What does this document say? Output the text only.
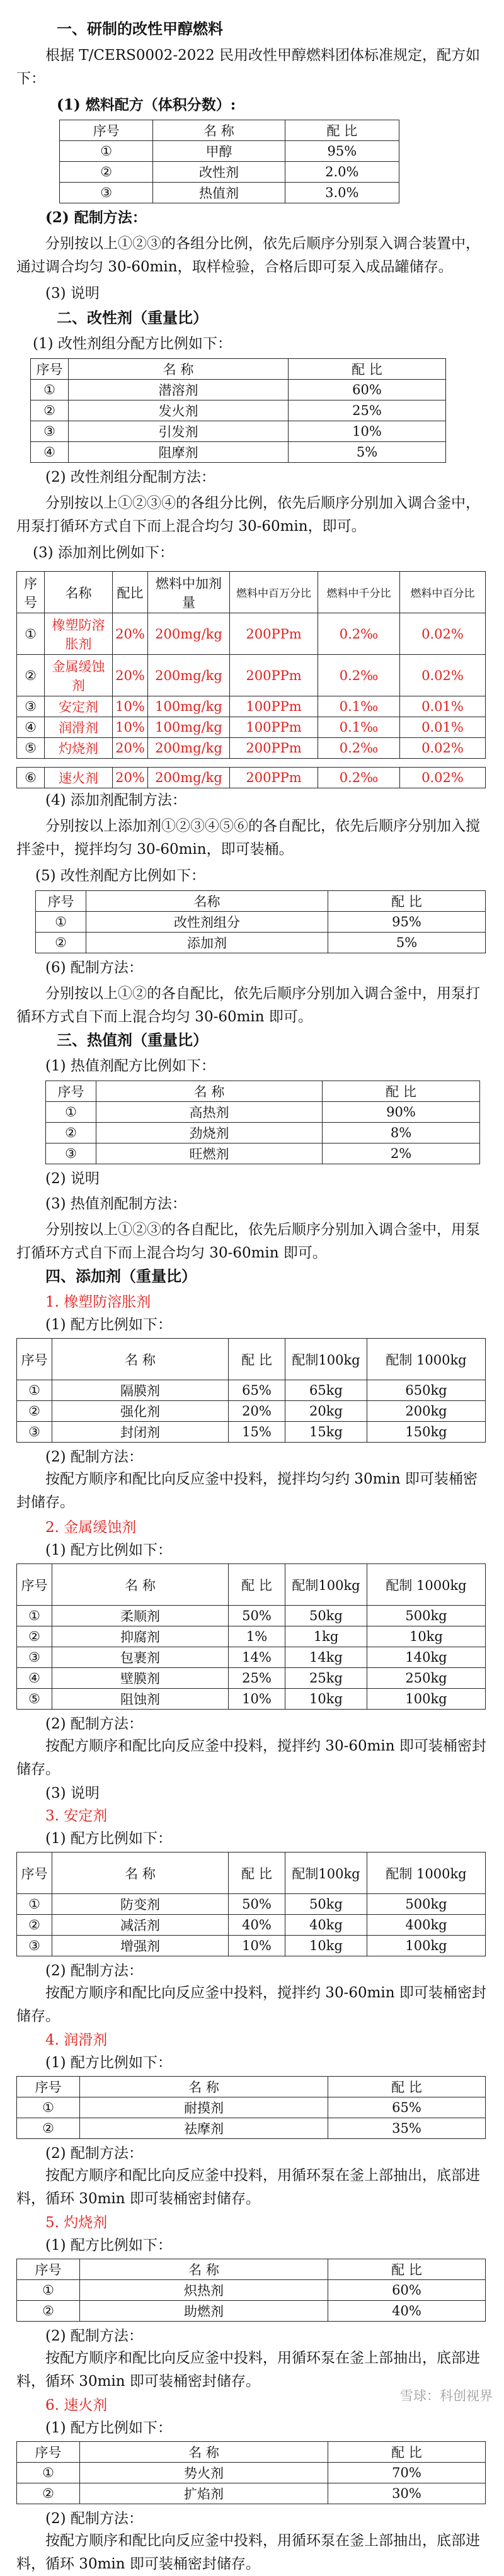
一、研制的改性甲醇燃料
根据 T/CERS0002-2022 民用改性甲醇燃料团体标准规定，配方如下：
(1) 燃料配方（体积分数）:
序号	名 称	配 比
①	甲醇	95%
②	改性剂	2.0%
③	热值剂	3.0%
(2) 配制方法：
分别按以上①②③的各组分比例，依先后顺序分别泵入调合装置中，通过调合均匀 30-60min，取样检验，合格后即可泵入成品罐储存。
(3) 说明
二、改性剂（重量比）
(1) 改性剂组分配方比例如下：
序号	名 称	配 比
①	潜溶剂	60%
②	发火剂	25%
③	引发剂	10%
④	阻摩剂	5%
(2) 改性剂组分配制方法：
分别按以上①②③④的各组分比例，依先后顺序分别加入调合釜中，用泵打循环方式自下而上混合均匀 30-60min，即可。
(3) 添加剂比例如下：
序号	名称	配比	燃料中加剂量	燃料中百万分比	燃料中千分比	燃料中百分比
①	橡塑防溶胀剂	20%	200mg/kg	200PPm	0.2‰	0.02%
②	金属缓蚀剂	20%	200mg/kg	200PPm	0.2‰	0.02%
③	安定剂	10%	100mg/kg	100PPm	0.1‰	0.01%
④	润滑剂	10%	100mg/kg	100PPm	0.1‰	0.01%
⑤	灼烧剂	20%	200mg/kg	200PPm	0.2‰	0.02%

⑥	速火剂	20%	200mg/kg	200PPm	0.2‰	0.02%
(4) 添加剂配制方法：
分别按以上添加剂①②③④⑤⑥的各自配比，依先后顺序分别加入搅拌釜中，搅拌均匀 30-60min，即可装桶。
(5) 改性剂配方比例如下：
序号	名称	配 比
①	改性剂组分	95%
②	添加剂	5%
(6) 配制方法：
分别按以上①②的各自配比，依先后顺序分别加入调合釜中，用泵打循环方式自下而上混合均匀 30-60min 即可。
三、热值剂（重量比）
(1) 热值剂配方比例如下：
序号	名 称	配 比
①	高热剂	90%
②	劲烧剂	8%
③	旺燃剂	2%
(2) 说明
(3) 热值剂配制方法：
分别按以上①②③的各自配比，依先后顺序分别加入调合釜中，用泵打循环方式自下而上混合均匀 30-60min 即可。
四、添加剂（重量比）
1. 橡塑防溶胀剂
(1) 配方比例如下：
序号	名 称	配 比	配制100kg	配制 1000kg
①	隔膜剂	65%	65kg	650kg
②	强化剂	20%	20kg	200kg
③	封闭剂	15%	15kg	150kg
(2) 配制方法：
按配方顺序和配比向反应釜中投料，搅拌均匀约 30min 即可装桶密封储存。
2. 金属缓蚀剂
(1) 配方比例如下：
序号	名 称	配 比	配制100kg	配制 1000kg
①	柔顺剂	50%	50kg	500kg
②	抑腐剂	1%	1kg	10kg
③	包裹剂	14%	14kg	140kg
④	壁膜剂	25%	25kg	250kg
⑤	阻蚀剂	10%	10kg	100kg
(2) 配制方法：
按配方顺序和配比向反应釜中投料，搅拌约 30-60min 即可装桶密封储存。
(3) 说明
3. 安定剂
(1) 配方比例如下：
序号	名 称	配 比	配制100kg	配制 1000kg
①	防变剂	50%	50kg	500kg
②	减活剂	40%	40kg	400kg
③	增强剂	10%	10kg	100kg
(2) 配制方法：
按配方顺序和配比向反应釜中投料，搅拌约 30-60min 即可装桶密封储存。
4. 润滑剂
(1) 配方比例如下：
序号	名 称	配 比
①	耐摸剂	65%
②	祛摩剂	35%
(2) 配制方法：
按配方顺序和配比向反应釜中投料，用循环泵在釜上部抽出，底部进料，循环 30min 即可装桶密封储存。
5. 灼烧剂
(1) 配方比例如下：
序号	名 称	配 比
①	炽热剂	60%
②	助燃剂	40%
(2) 配制方法：
按配方顺序和配比向反应釜中投料，用循环泵在釜上部抽出，底部进料，循环 30min 即可装桶密封储存。
6. 速火剂
(1) 配方比例如下：
序号	名 称	配 比
①	势火剂	70%
②	扩焰剂	30%
(2) 配制方法：
按配方顺序和配比向反应釜中投料，用循环泵在釜上部抽出，底部进料，循环 30min 即可装桶密封储存。
雪球：科创视界
